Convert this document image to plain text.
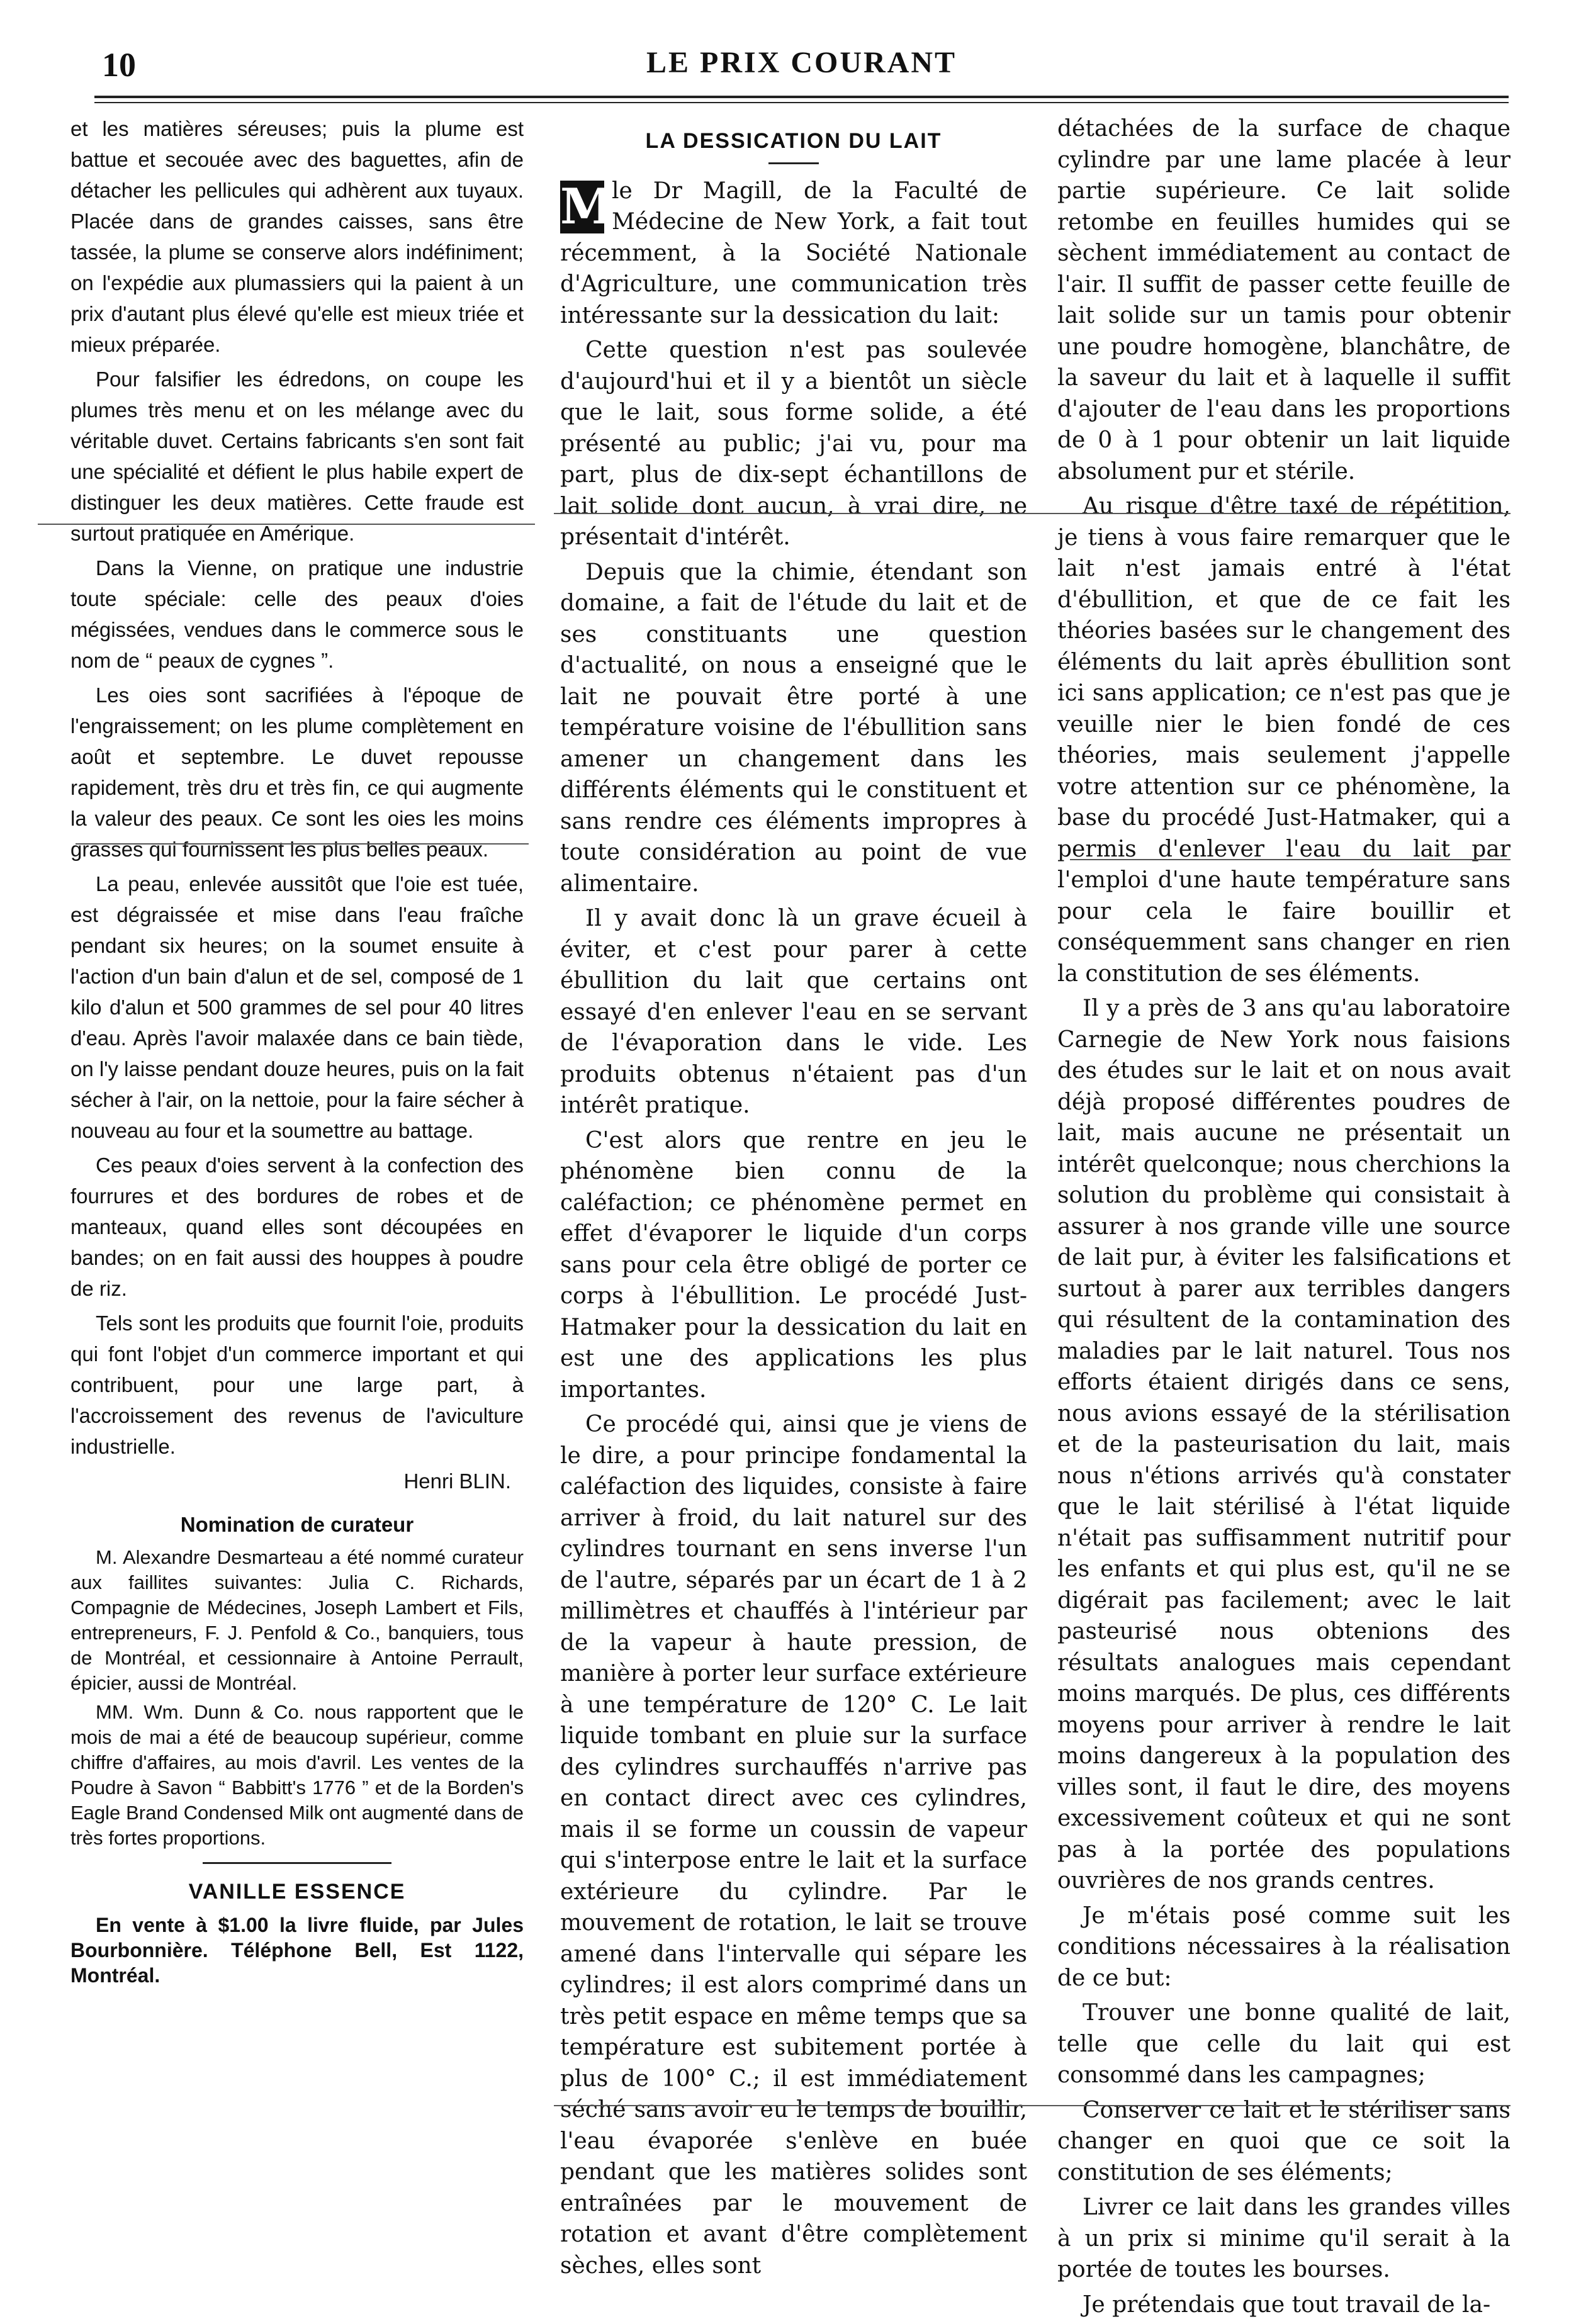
10	LE PRIX COURANT

et les matières séreuses; puis la plume est battue et secouée avec des baguettes, afin de détacher les pellicules qui adhèrent aux tuyaux. Placée dans de grandes caisses, sans être tassée, la plume se conserve alors indéfiniment; on l'expédie aux plumassiers qui la paient à un prix d'autant plus élevé qu'elle est mieux triée et mieux préparée.

Pour falsifier les édredons, on coupe les plumes très menu et on les mélange avec du véritable duvet. Certains fabricants s'en sont fait une spécialité et défient le plus habile expert de distinguer les deux matières. Cette fraude est surtout pratiquée en Amérique.

Dans la Vienne, on pratique une industrie toute spéciale: celle des peaux d'oies mégissées, vendues dans le commerce sous le nom de “ peaux de cygnes ”.

Les oies sont sacrifiées à l'époque de l'engraissement; on les plume complètement en août et septembre. Le duvet repousse rapidement, très dru et très fin, ce qui augmente la valeur des peaux. Ce sont les oies les moins grasses qui fournissent les plus belles peaux.

La peau, enlevée aussitôt que l'oie est tuée, est dégraissée et mise dans l'eau fraîche pendant six heures; on la soumet ensuite à l'action d'un bain d'alun et de sel, composé de 1 kilo d'alun et 500 grammes de sel pour 40 litres d'eau. Après l'avoir malaxée dans ce bain tiède, on l'y laisse pendant douze heures, puis on la fait sécher à l'air, on la nettoie, pour la faire sécher à nouveau au four et la soumettre au battage.

Ces peaux d'oies servent à la confection des fourrures et des bordures de robes et de manteaux, quand elles sont découpées en bandes; on en fait aussi des houppes à poudre de riz.

Tels sont les produits que fournit l'oie, produits qui font l'objet d'un commerce important et qui contribuent, pour une large part, à l'accroissement des revenus de l'aviculture industrielle.

Henri BLIN.
Nomination de curateur

M. Alexandre Desmarteau a été nommé curateur aux faillites suivantes: Julia C. Richards, Compagnie de Médecines, Joseph Lambert et Fils, entrepreneurs, F. J. Penfold & Co., banquiers, tous de Montréal, et cessionnaire à Antoine Perrault, épicier, aussi de Montréal.

MM. Wm. Dunn & Co. nous rapportent que le mois de mai a été de beaucoup supérieur, comme chiffre d'affaires, au mois d'avril. Les ventes de la Poudre à Savon “ Babbitt's 1776 ” et de la Borden's Eagle Brand Condensed Milk ont augmenté dans de très fortes proportions.

VANILLE ESSENCE

En vente à $1.00 la livre fluide, par Jules Bourbonnière. Téléphone Bell, Est 1122, Montréal.

LA DESSICATION DU LAIT

M
le Dr Magill, de la Faculté de Médecine de New York, a fait tout récemment, à la Société Nationale d'Agriculture, une communication très intéressante sur la dessication du lait:

Cette question n'est pas soulevée d'aujourd'hui et il y a bientôt un siècle que le lait, sous forme solide, a été présenté au public; j'ai vu, pour ma part, plus de dix-sept échantillons de lait solide dont aucun, à vrai dire, ne présentait d'intérêt.

Depuis que la chimie, étendant son domaine, a fait de l'étude du lait et de ses constituants une question d'actualité, on nous a enseigné que le lait ne pouvait être porté à une température voisine de l'ébullition sans amener un changement dans les différents éléments qui le constituent et sans rendre ces éléments impropres à toute considération au point de vue alimentaire.

Il y avait donc là un grave écueil à éviter, et c'est pour parer à cette ébullition du lait que certains ont essayé d'en enlever l'eau en se servant de l'évaporation dans le vide. Les produits obtenus n'étaient pas d'un intérêt pratique.

C'est alors que rentre en jeu le phénomène bien connu de la caléfaction; ce phénomène permet en effet d'évaporer le liquide d'un corps sans pour cela être obligé de porter ce corps à l'ébullition. Le procédé Just-Hatmaker pour la dessication du lait en est une des applications les plus importantes.

Ce procédé qui, ainsi que je viens de le dire, a pour principe fondamental la caléfaction des liquides, consiste à faire arriver à froid, du lait naturel sur des cylindres tournant en sens inverse l'un de l'autre, séparés par un écart de 1 à 2 millimètres et chauffés à l'intérieur par de la vapeur à haute pression, de manière à porter leur surface extérieure à une température de 120° C. Le lait liquide tombant en pluie sur la surface des cylindres surchauffés n'arrive pas en contact direct avec ces cylindres, mais il se forme un coussin de vapeur qui s'interpose entre le lait et la surface extérieure du cylindre. Par le mouvement de rotation, le lait se trouve amené dans l'intervalle qui sépare les cylindres; il est alors comprimé dans un très petit espace en même temps que sa température est subitement portée à plus de 100° C.; il est immédiatement séché sans avoir eu le temps de bouillir, l'eau évaporée s'enlève en buée pendant que les matières solides sont entraînées par le mouvement de rotation et avant d'être complètement sèches, elles sont

détachées de la surface de chaque cylindre par une lame placée à leur partie supérieure. Ce lait solide retombe en feuilles humides qui se sèchent immédiatement au contact de l'air. Il suffit de passer cette feuille de lait solide sur un tamis pour obtenir une poudre homogène, blanchâtre, de la saveur du lait et à laquelle il suffit d'ajouter de l'eau dans les proportions de 0 à 1 pour obtenir un lait liquide absolument pur et stérile.

Au risque d'être taxé de répétition, je tiens à vous faire remarquer que le lait n'est jamais entré à l'état d'ébullition, et que de ce fait les théories basées sur le changement des éléments du lait après ébullition sont ici sans application; ce n'est pas que je veuille nier le bien fondé de ces théories, mais seulement j'appelle votre attention sur ce phénomène, la base du procédé Just-Hatmaker, qui a permis d'enlever l'eau du lait par l'emploi d'une haute température sans pour cela le faire bouillir et conséquemment sans changer en rien la constitution de ses éléments.

Il y a près de 3 ans qu'au laboratoire Carnegie de New York nous faisions des études sur le lait et on nous avait déjà proposé différentes poudres de lait, mais aucune ne présentait un intérêt quelconque; nous cherchions la solution du problème qui consistait à assurer à nos grande ville une source de lait pur, à éviter les falsifications et surtout à parer aux terribles dangers qui résultent de la contamination des maladies par le lait naturel. Tous nos efforts étaient dirigés dans ce sens, nous avions essayé de la stérilisation et de la pasteurisation du lait, mais nous n'étions arrivés qu'à constater que le lait stérilisé à l'état liquide n'était pas suffisamment nutritif pour les enfants et qui plus est, qu'il ne se digérait pas facilement; avec le lait pasteurisé nous obtenions des résultats analogues mais cependant moins marqués. De plus, ces différents moyens pour arriver à rendre le lait moins dangereux à la population des villes sont, il faut le dire, des moyens excessivement coûteux et qui ne sont pas à la portée des populations ouvrières de nos grands centres.

Je m'étais posé comme suit les conditions nécessaires à la réalisation de ce but:

Trouver une bonne qualité de lait, telle que celle du lait qui est consommé dans les campagnes;

Conserver ce lait et le stériliser sans changer en quoi que ce soit la constitution de ses éléments;

Livrer ce lait dans les grandes villes à un prix si minime qu'il serait à la portée de toutes les bourses.

Je prétendais que tout travail de la-
